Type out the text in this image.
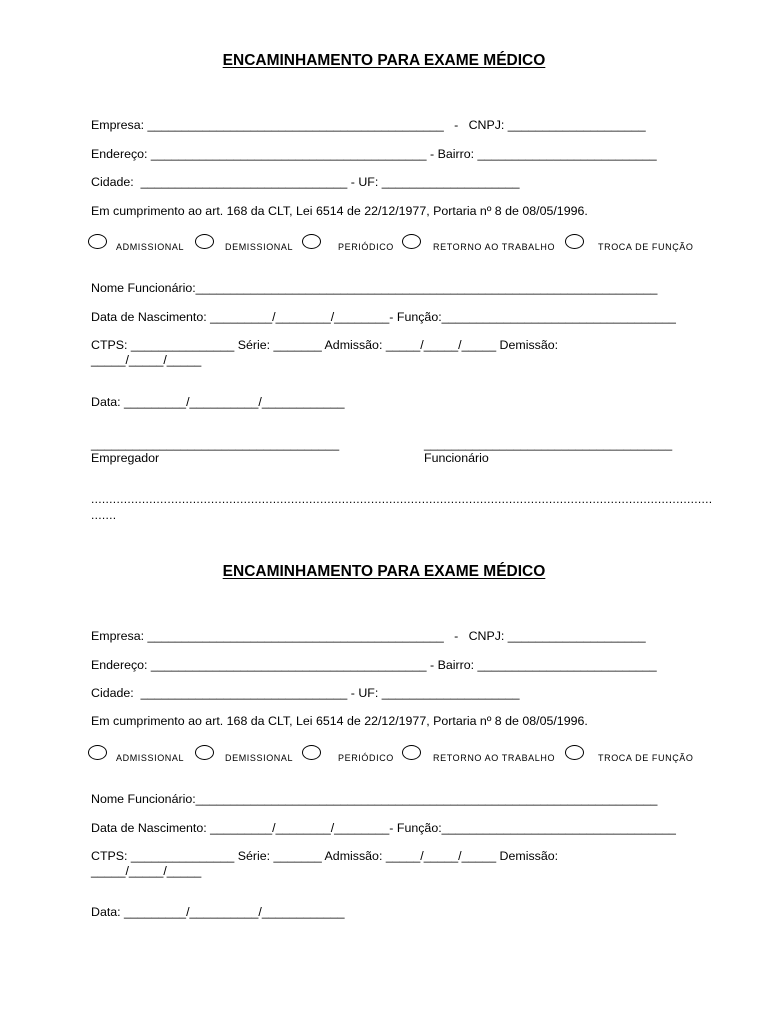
ENCAMINHAMENTO PARA EXAME MÉDICO
Empresa: ___________________________________________   -   CNPJ: ____________________
Endereço: ________________________________________ - Bairro: __________________________
Cidade:  ______________________________ - UF: ____________________
Em cumprimento ao art. 168 da CLT, Lei 6514 de 22/12/1977, Portaria nº 8 de 08/05/1996.
ADMISSIONAL	DEMISSIONAL	PERIÓDICO	RETORNO AO TRABALHO	TROCA DE FUNÇÃO
Nome Funcionário:___________________________________________________________________
Data de Nascimento: _________/________/________- Função:__________________________________
CTPS: _______________ Série: _______ Admissão: _____/_____/_____ Demissão:
_____/_____/_____
Data: _________/__________/____________
____________________________________	____________________________________
Empregador	Funcionário
...........................................................................................................................................................................
.......
ENCAMINHAMENTO PARA EXAME MÉDICO
Empresa: ___________________________________________   -   CNPJ: ____________________
Endereço: ________________________________________ - Bairro: __________________________
Cidade:  ______________________________ - UF: ____________________
Em cumprimento ao art. 168 da CLT, Lei 6514 de 22/12/1977, Portaria nº 8 de 08/05/1996.
ADMISSIONAL	DEMISSIONAL	PERIÓDICO	RETORNO AO TRABALHO	TROCA DE FUNÇÃO
Nome Funcionário:___________________________________________________________________
Data de Nascimento: _________/________/________- Função:__________________________________
CTPS: _______________ Série: _______ Admissão: _____/_____/_____ Demissão:
_____/_____/_____
Data: _________/__________/____________
